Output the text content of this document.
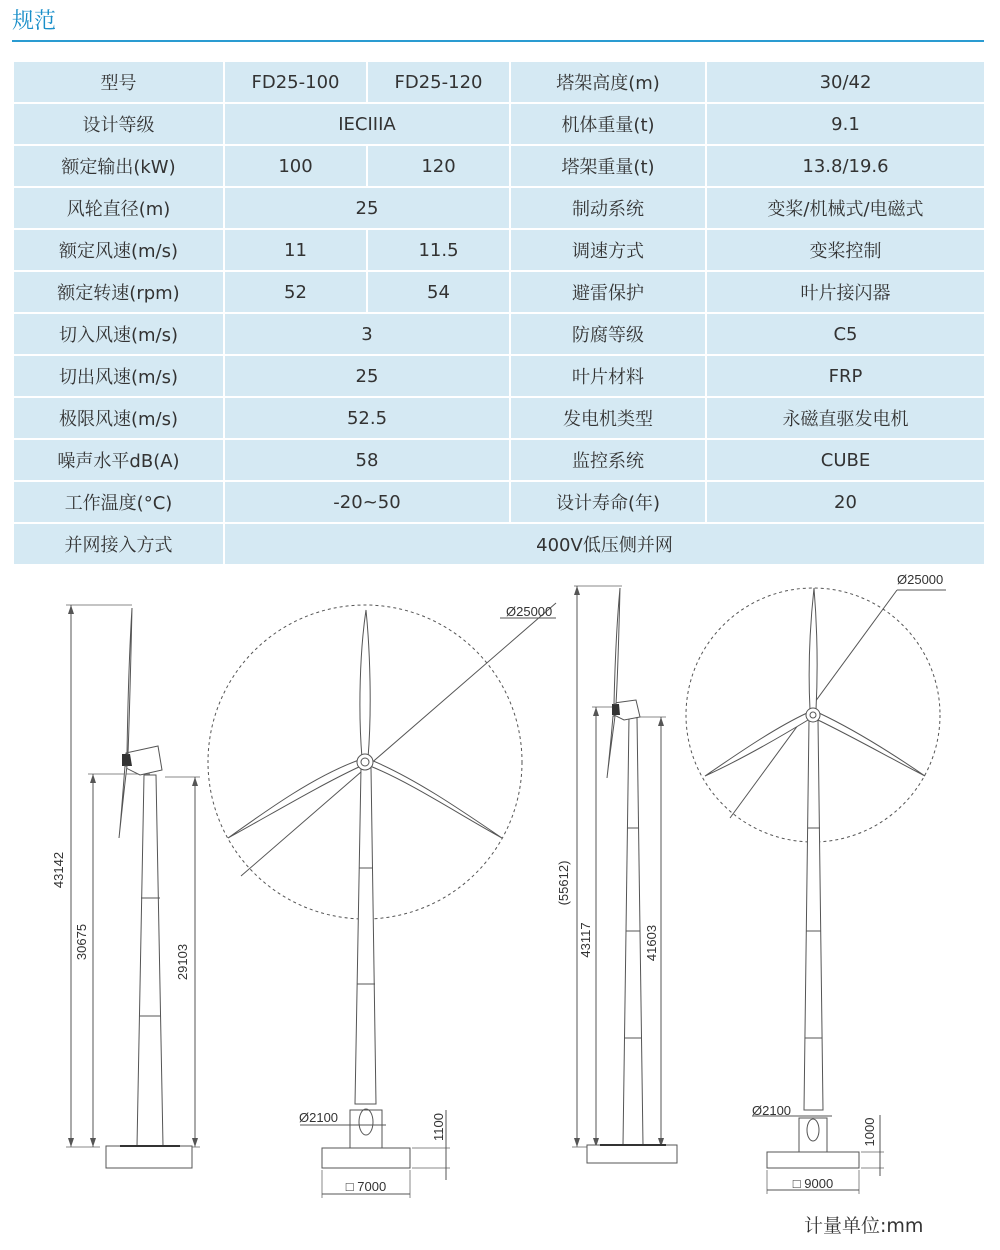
规范
型号	FD25-100	FD25-120	塔架高度(m)	30/42
设计等级	IECIIIA		机体重量(t)	9.1
额定输出(kW)	100	120	塔架重量(t)	13.8/19.6
风轮直径(m)	25		制动系统	变桨/机械式/电磁式
额定风速(m/s)	11	11.5	调速方式	变桨控制
额定转速(rpm)	52	54	避雷保护	叶片接闪器
切入风速(m/s)	3		防腐等级	C5
切出风速(m/s)	25		叶片材料	FRP
极限风速(m/s)	52.5		发电机类型	永磁直驱发电机
噪声水平dB(A)	58		监控系统	CUBE
工作温度(°C)	-20~50		设计寿命(年)	20
并网接入方式	400V低压侧并网			
43142
30675
29103
Ø25000
Ø2100	1100
□ 7000
(55612)
43117	41603
Ø25000
Ø2100
1000
□ 9000
计量单位:mm
